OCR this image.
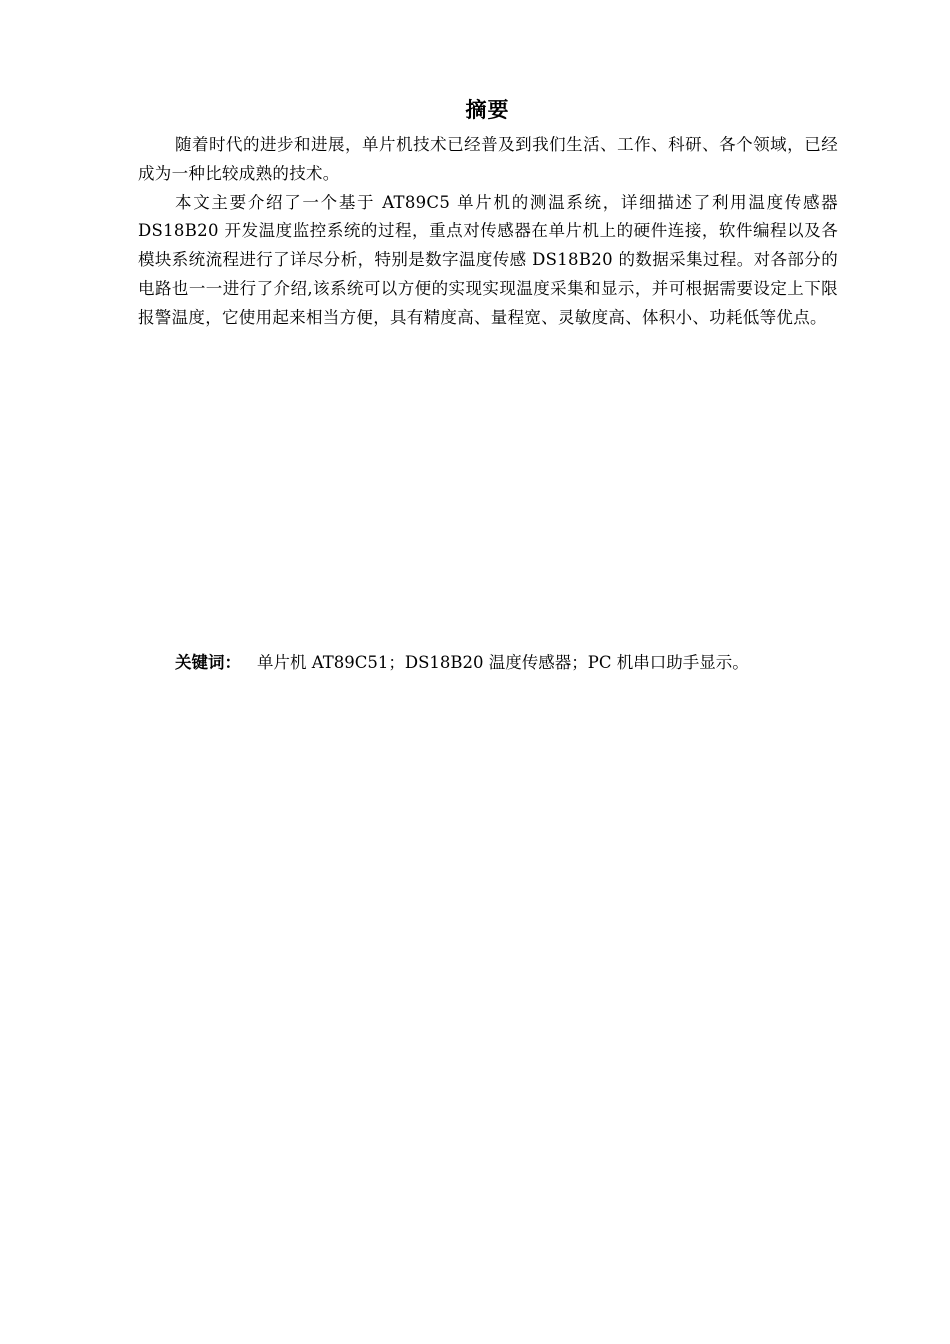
摘要

随着时代的进步和进展，单片机技术已经普及到我们生活、工作、科研、各个领域，已经成为一种比较成熟的技术。

本文主要介绍了一个基于 AT89C5 单片机的测温系统，详细描述了利用温度传感器 DS18B20 开发温度监控系统的过程，重点对传感器在单片机上的硬件连接，软件编程以及各模块系统流程进行了详尽分析，特别是数字温度传感 DS18B20 的数据采集过程。对各部分的电路也一一进行了介绍,该系统可以方便的实现实现温度采集和显示，并可根据需要设定上下限报警温度，它使用起来相当方便，具有精度高、量程宽、灵敏度高、体积小、功耗低等优点。

关键词： 单片机 AT89C51；DS18B20 温度传感器；PC 机串口助手显示。
